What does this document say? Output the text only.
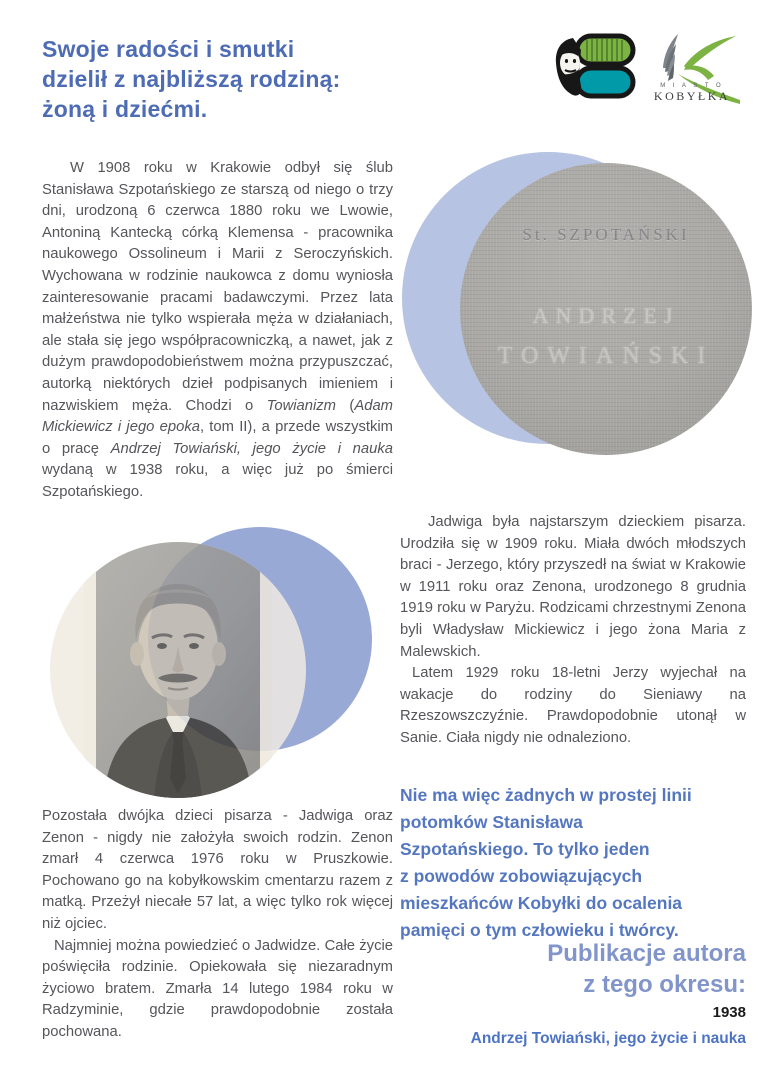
Swoje radości i smutki
dzielił z najbliższą rodziną:
żoną i dziećmi.
M I A S T O
KOBYŁKA

W 1908 roku w Krakowie odbył się ślub Stanisława Szpotańskiego ze starszą od niego o trzy dni, urodzoną 6 czerwca 1880 roku we Lwowie, Antoniną Kantecką córką Klemensa - pracownika naukowego Ossolineum i Marii z Seroczyńskich. Wychowana w rodzinie naukowca z domu wyniosła zainteresowanie pracami badawczymi. Przez lata małżeństwa nie tylko wspierała męża w działaniach, ale stała się jego współpracowniczką, a nawet, jak z dużym prawdopodobieństwem można przypuszczać, autorką niektórych dzieł podpisanych imieniem i nazwiskiem męża. Chodzi o Towianizm (Adam Mickiewicz i jego epoka, tom II), a przede wszystkim o pracę Andrzej Towiański, jego życie i nauka wydaną w 1938 roku, a więc już po śmierci Szpotańskiego.

St. SZPOTAŃSKI
ANDRZEJ
TOWIAŃSKI

Jadwiga była najstarszym dzieckiem pisarza. Urodziła się w 1909 roku. Miała dwóch młodszych braci - Jerzego, który przyszedł na świat w Krakowie w 1911 roku oraz Zenona, urodzonego 8 grudnia 1919 roku w Paryżu. Rodzicami chrzestnymi Zenona byli Władysław Mickiewicz i jego żona Maria z Malewskich.

Latem 1929 roku 18-letni Jerzy wyjechał na wakacje do rodziny do Sieniawy na Rzeszowszczyźnie. Prawdopodobnie utonął w Sanie. Ciała nigdy nie odnaleziono.

Nie ma więc żadnych w prostej linii
potomków Stanisława
Szpotańskiego. To tylko jeden
z powodów zobowiązujących
mieszkańców Kobyłki do ocalenia
pamięci o tym człowieku i twórcy.
Publikacje autora
z tego okresu:
1938
Andrzej Towiański, jego życie i nauka

Pozostała dwójka dzieci pisarza - Jadwiga oraz Zenon - nigdy nie założyła swoich rodzin. Zenon zmarł 4 czerwca 1976 roku w Pruszkowie. Pochowano go na kobyłkowskim cmentarzu razem z matką. Przeżył niecałe 57 lat, a więc tylko rok więcej niż ojciec.

Najmniej można powiedzieć o Jadwidze. Całe życie poświęciła rodzinie. Opiekowała się niezaradnym życiowo bratem. Zmarła 14 lutego 1984 roku w Radzyminie, gdzie prawdopodobnie została pochowana.
